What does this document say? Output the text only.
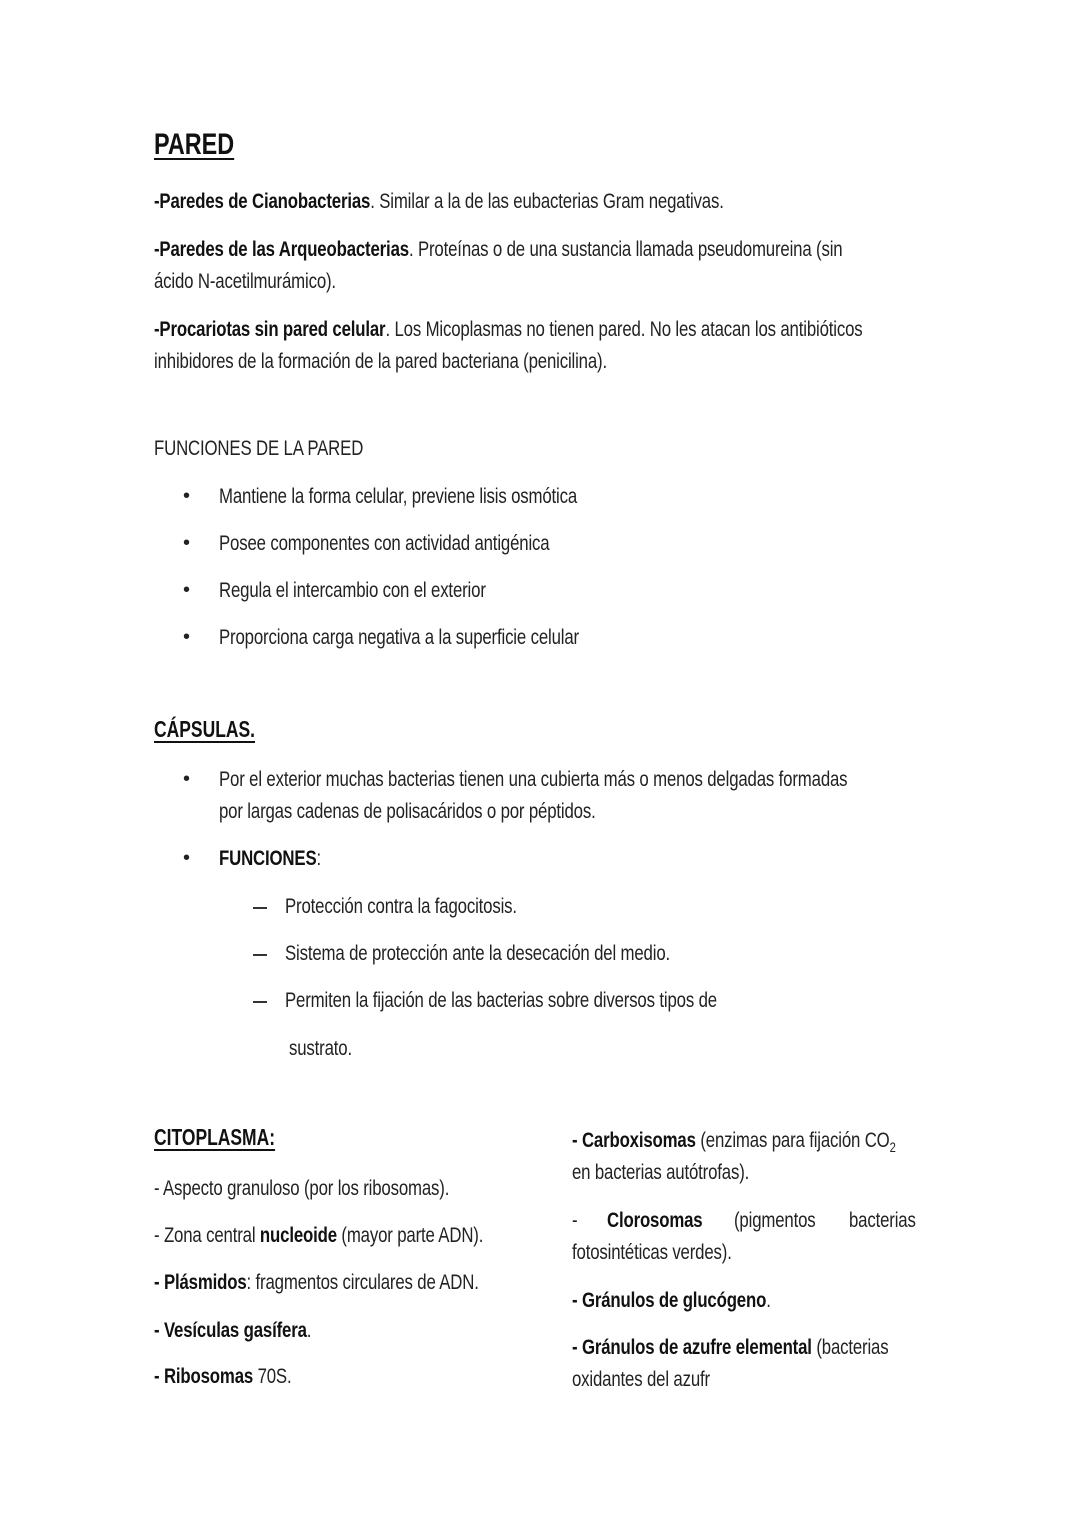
PARED
-Paredes de Cianobacterias. Similar a la de las eubacterias Gram negativas.
-Paredes de las Arqueobacterias. Proteínas o de una sustancia llamada pseudomureina (sin
ácido N-acetilmurámico).
-Procariotas sin pared celular. Los Micoplasmas no tienen pared. No les atacan los antibióticos
inhibidores de la formación de la pared bacteriana (penicilina).
FUNCIONES DE LA PARED
• Mantiene la forma celular, previene lisis osmótica
• Posee componentes con actividad antigénica
• Regula el intercambio con el exterior
• Proporciona carga negativa a la superficie celular
CÁPSULAS.
• Por el exterior muchas bacterias tienen una cubierta más o menos delgadas formadas
por largas cadenas de polisacáridos o por péptidos.
• FUNCIONES:
Protección contra la fagocitosis.
Sistema de protección ante la desecación del medio.
Permiten la fijación de las bacterias sobre diversos tipos de
sustrato.
CITOPLASMA:
- Aspecto granuloso (por los ribosomas).
- Zona central nucleoide (mayor parte ADN).
- Plásmidos: fragmentos circulares de ADN.
- Vesículas gasífera.
- Ribosomas 70S.
- Carboxisomas (enzimas para fijación $CO_2$
en bacterias autótrofas).
- Clorosomas	(pigmentos	bacterias
fotosintéticas verdes).
- Gránulos de glucógeno.
- Gránulos de azufre elemental (bacterias
oxidantes del azufr
